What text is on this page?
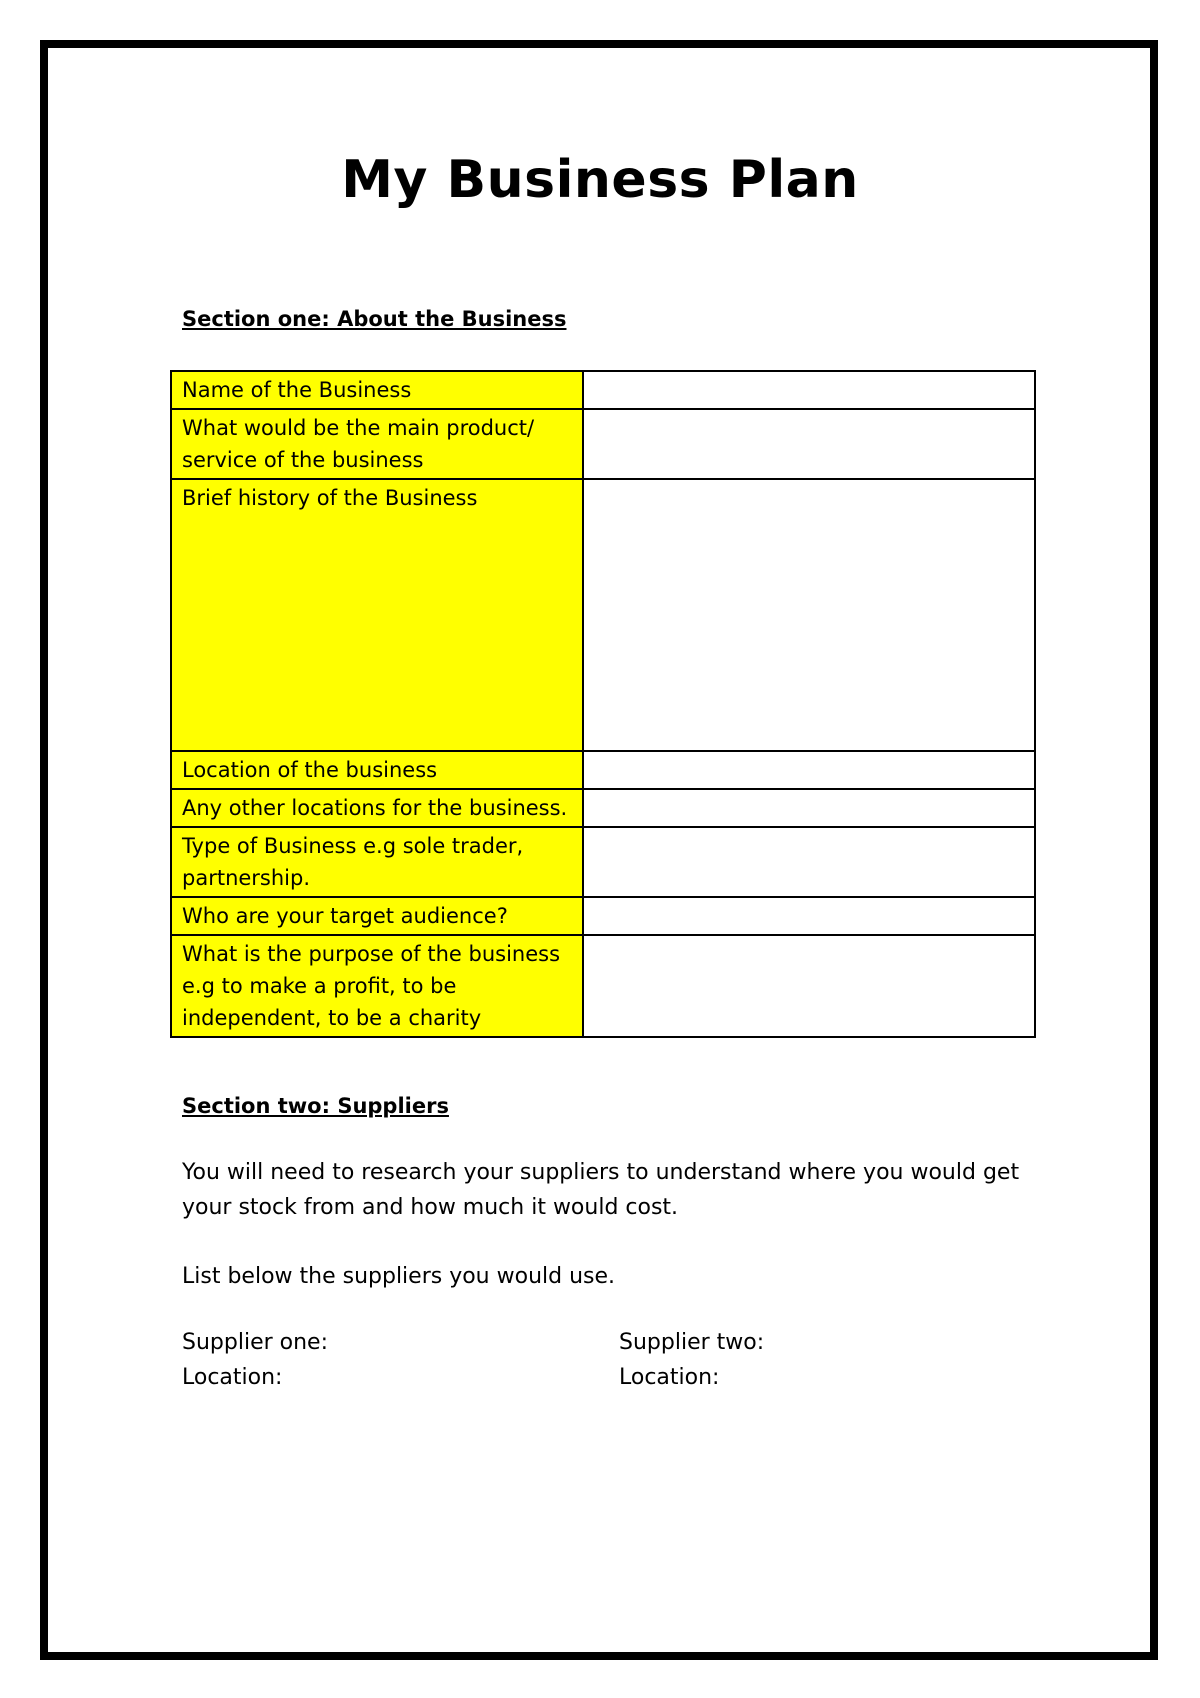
My Business Plan
Section one: About the Business
Name of the Business	
What would be the main product/ service of the business	
Brief history of the Business	
Location of the business	
Any other locations for the business.	
Type of Business e.g sole trader, partnership.	
Who are your target audience?	
What is the purpose of the business e.g to make a profit, to be independent, to be a charity	
Section two: Suppliers
You will need to research your suppliers to understand where you would get your stock from and how much it would cost.
List below the suppliers you would use.
Supplier one:
Location:
Supplier two:
Location:
